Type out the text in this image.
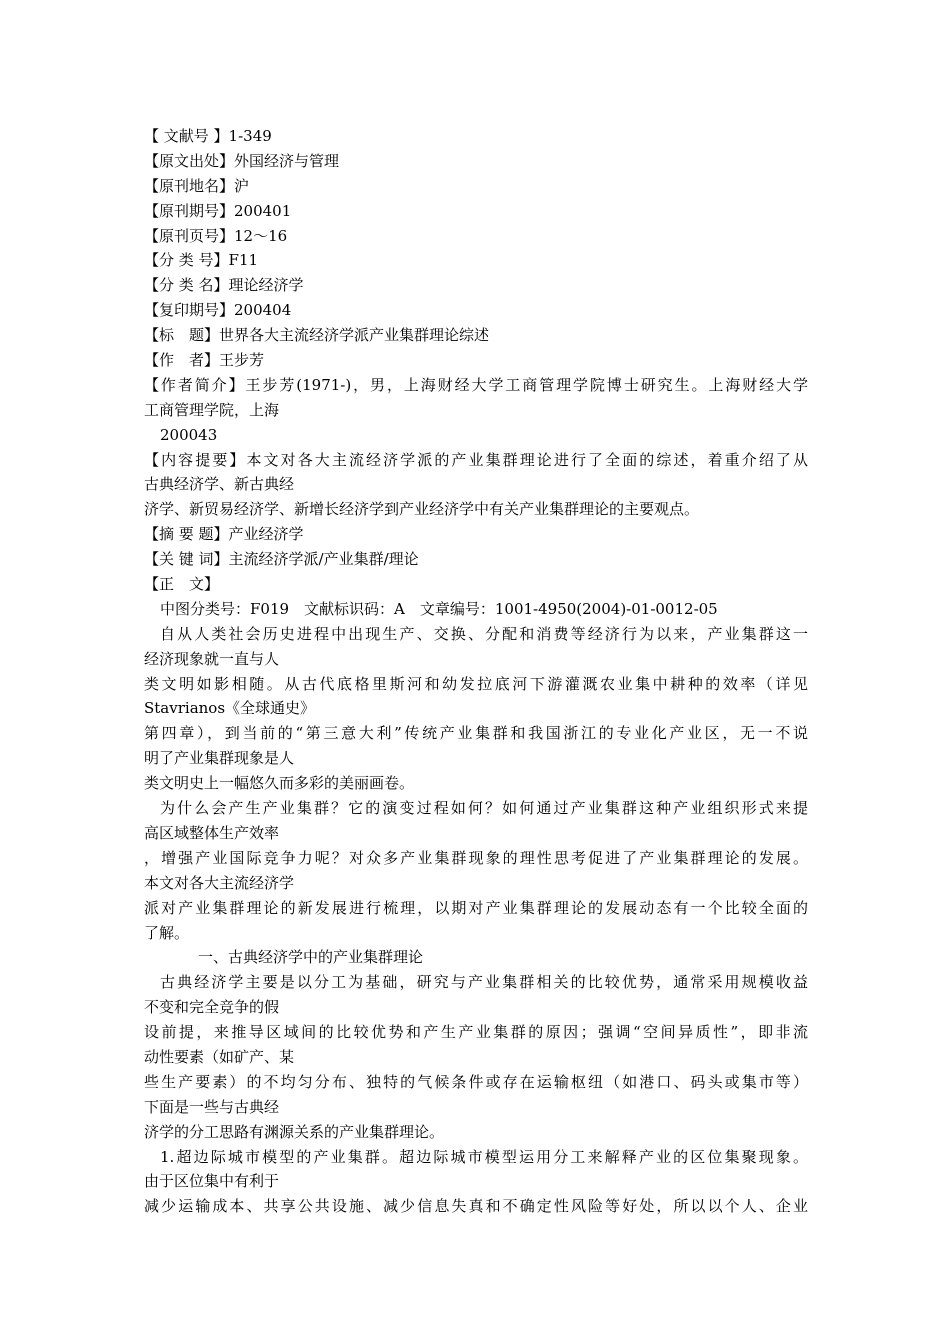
【 文献号 】1-349
【原文出处】外国经济与管理
【原刊地名】沪
【原刊期号】200401
【原刊页号】12～16
【分 类 号】F11
【分 类 名】理论经济学
【复印期号】200404
【标　题】世界各大主流经济学派产业集群理论综述
【作　者】王步芳
【作者简介】王步芳(1971-)，男，上海财经大学工商管理学院博士研究生。上海财经大学
工商管理学院，上海
200043
【内容提要】本文对各大主流经济学派的产业集群理论进行了全面的综述，着重介绍了从
古典经济学、新古典经
济学、新贸易经济学、新增长经济学到产业经济学中有关产业集群理论的主要观点。
【摘 要 题】产业经济学
【关 键 词】主流经济学派/产业集群/理论
【正　文】
中图分类号：F019　文献标识码：A　文章编号：1001-4950(2004)-01-0012-05
自从人类社会历史进程中出现生产、交换、分配和消费等经济行为以来，产业集群这一
经济现象就一直与人
类文明如影相随。从古代底格里斯河和幼发拉底河下游灌溉农业集中耕种的效率（详见
Stavrianos《全球通史》
第四章），到当前的“第三意大利”传统产业集群和我国浙江的专业化产业区，无一不说
明了产业集群现象是人
类文明史上一幅悠久而多彩的美丽画卷。
为什么会产生产业集群？它的演变过程如何？如何通过产业集群这种产业组织形式来提
高区域整体生产效率
，增强产业国际竞争力呢？对众多产业集群现象的理性思考促进了产业集群理论的发展。
本文对各大主流经济学
派对产业集群理论的新发展进行梳理，以期对产业集群理论的发展动态有一个比较全面的
了解。
一、古典经济学中的产业集群理论
古典经济学主要是以分工为基础，研究与产业集群相关的比较优势，通常采用规模收益
不变和完全竞争的假
设前提，来推导区域间的比较优势和产生产业集群的原因；强调“空间异质性”，即非流
动性要素（如矿产、某
些生产要素）的不均匀分布、独特的气候条件或存在运输枢纽（如港口、码头或集市等）
下面是一些与古典经
济学的分工思路有渊源关系的产业集群理论。
1.超边际城市模型的产业集群。超边际城市模型运用分工来解释产业的区位集聚现象。
由于区位集中有利于
减少运输成本、共享公共设施、减少信息失真和不确定性风险等好处，所以以个人、企业
